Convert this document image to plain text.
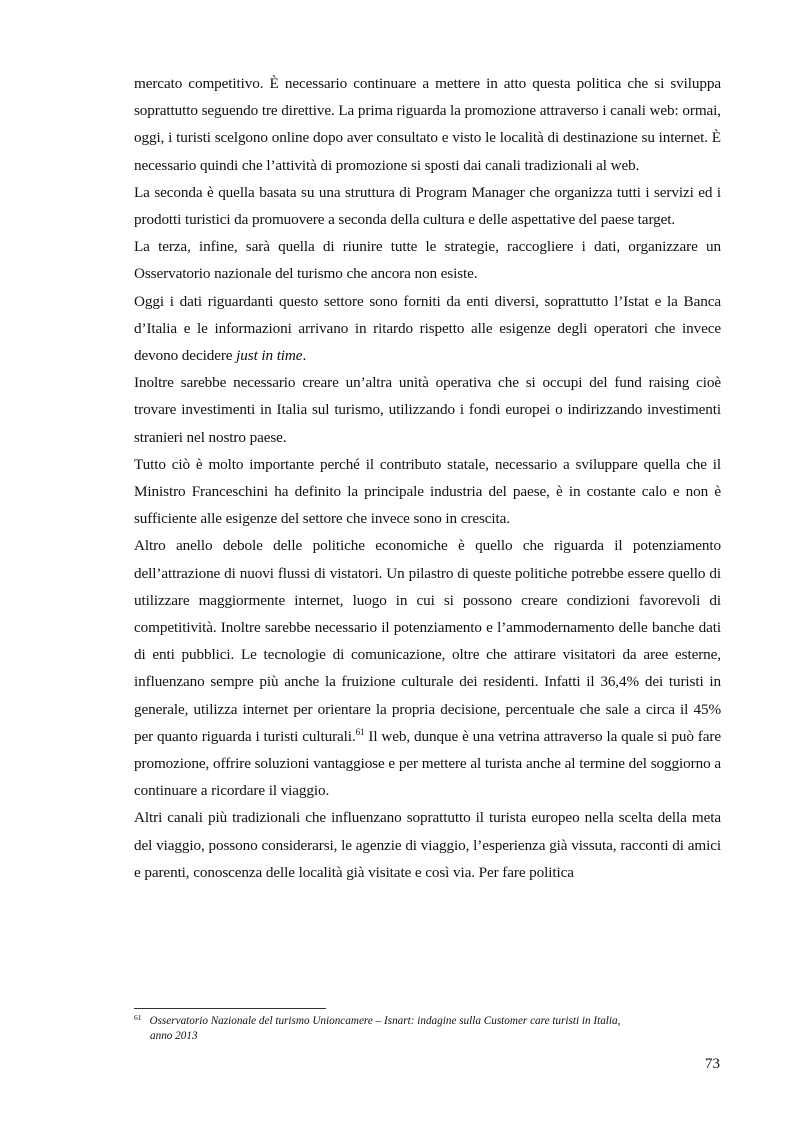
mercato competitivo. È necessario continuare a mettere in atto questa politica che si sviluppa soprattutto seguendo tre direttive. La prima riguarda la promozione attraverso i canali web: ormai, oggi, i turisti scelgono online dopo aver consultato e visto le località di destinazione su internet. È necessario quindi che l’attività di promozione si sposti dai canali tradizionali al web.

La seconda è quella basata su una struttura di Program Manager che organizza tutti i servizi ed i prodotti turistici da promuovere a seconda della cultura e delle aspettative del paese target.

La terza, infine, sarà quella di riunire tutte le strategie, raccogliere i dati, organizzare un Osservatorio nazionale del turismo che ancora non esiste.

Oggi i dati riguardanti questo settore sono forniti da enti diversi, soprattutto l’Istat e la Banca d’Italia e le informazioni arrivano in ritardo rispetto alle esigenze degli operatori che invece devono decidere just in time.

Inoltre sarebbe necessario creare un’altra unità operativa che si occupi del fund raising cioè trovare investimenti in Italia sul turismo, utilizzando i fondi europei o indirizzando investimenti stranieri nel nostro paese.

Tutto ciò è molto importante perché il contributo statale, necessario a sviluppare quella che il Ministro Franceschini ha definito la principale industria del paese, è in costante calo e non è sufficiente alle esigenze del settore che invece sono in crescita.

Altro anello debole delle politiche economiche è quello che riguarda il potenziamento dell’attrazione di nuovi flussi di vistatori. Un pilastro di queste politiche potrebbe essere quello di utilizzare maggiormente internet, luogo in cui si possono creare condizioni favorevoli di competitività. Inoltre sarebbe necessario il potenziamento e l’ammodernamento delle banche dati di enti pubblici. Le tecnologie di comunicazione, oltre che attirare visitatori da aree esterne, influenzano sempre più anche la fruizione culturale dei residenti. Infatti il 36,4% dei turisti in generale, utilizza internet per orientare la propria decisione, percentuale che sale a circa il 45% per quanto riguarda i turisti culturali.$^{61}$ Il web, dunque è una vetrina attraverso la quale si può fare promozione, offrire soluzioni vantaggiose e per mettere al turista anche al termine del soggiorno a continuare a ricordare il viaggio.

Altri canali più tradizionali che influenzano soprattutto il turista europeo nella scelta della meta del viaggio, possono considerarsi, le agenzie di viaggio, l’esperienza già vissuta, racconti di amici e parenti, conoscenza delle località già visitate e così via. Per fare politica

$^{61}$ Osservatorio Nazionale del turismo Unioncamere – Isnart: indagine sulla Customer care turisti in Italia,
anno 2013
73
